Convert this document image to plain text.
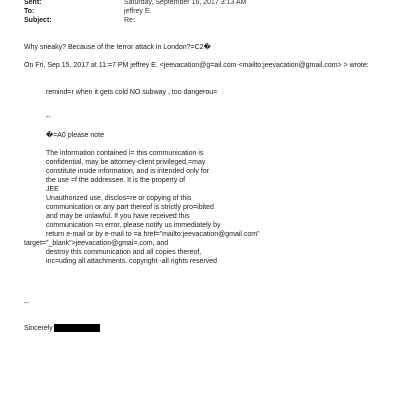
Sent:	Saturday, September 16, 2017 3:13 AM
To:	jeffrey E.
Subject:	Re:
Why sneaky? Because of the terror attack in London?=C2�
On Fri, Sep 15, 2017 at 11:=7 PM jeffrey E. <jeevacation@g=ail.com <mailto:jeevacation@gmail.com> > wrote:
remind=r when it gets cold NO subway , too dangerou=
--
�=A0 please note
The information contained i= this communication is
confidential, may be attorney-client privileged,=may
constitute inside information, and is intended only for
the use =f the addressee. It is the property of
JEE
Unauthorized use, disclos=re or copying of this
communication or any part thereof is strictly pro=ibited
and may be unlawful. If you have received this
communication =n error, please notify us immediately by
return e-mail or by e-mail to =a href="mailto:jeevacation@gmail.com"
target="_blank">jeevacation@gmai=.com, and
destroy this communication and all copies thereof,
inc=uding all attachments. copyright -all rights reserved
--
Sincerely
